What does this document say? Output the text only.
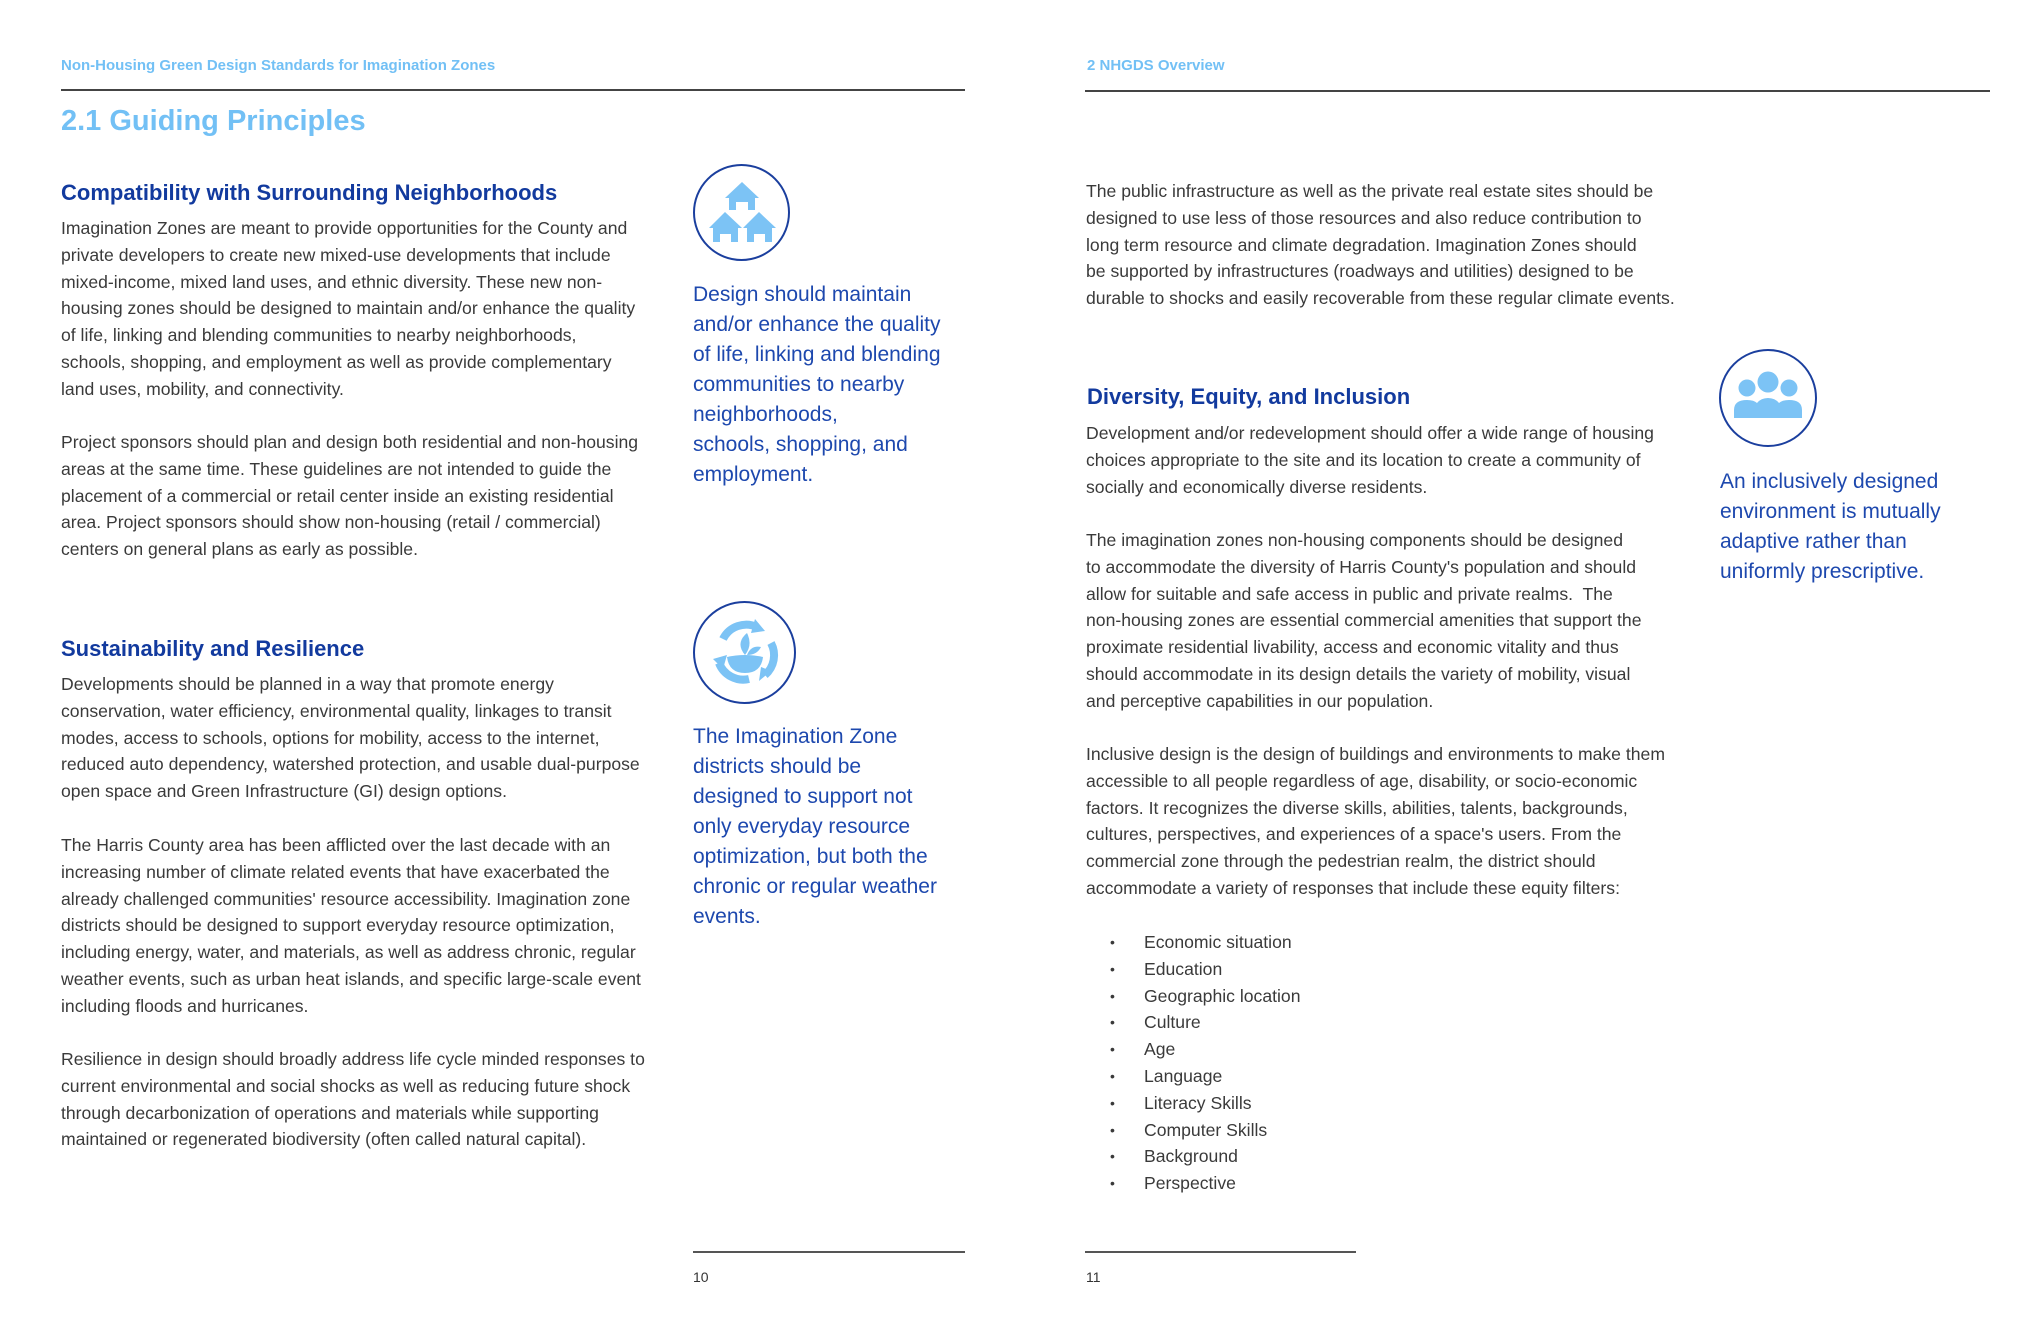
Non-Housing Green Design Standards for Imagination Zones
2.1 Guiding Principles
Compatibility with Surrounding Neighborhoods
Imagination Zones are meant to provide opportunities for the County and
private developers to create new mixed-use developments that include
mixed-income, mixed land uses, and ethnic diversity. These new non-
housing zones should be designed to maintain and/or enhance the quality
of life, linking and blending communities to nearby neighborhoods,
schools, shopping, and employment as well as provide complementary
land uses, mobility, and connectivity.
Project sponsors should plan and design both residential and non-housing
areas at the same time. These guidelines are not intended to guide the
placement of a commercial or retail center inside an existing residential
area. Project sponsors should show non-housing (retail / commercial)
centers on general plans as early as possible.
Design should maintain
and/or enhance the quality
of life, linking and blending
communities to nearby
neighborhoods,
schools, shopping, and
employment.
Sustainability and Resilience
Developments should be planned in a way that promote energy
conservation, water efficiency, environmental quality, linkages to transit
modes, access to schools, options for mobility, access to the internet,
reduced auto dependency, watershed protection, and usable dual-purpose
open space and Green Infrastructure (GI) design options.
The Harris County area has been afflicted over the last decade with an
increasing number of climate related events that have exacerbated the
already challenged communities' resource accessibility. Imagination zone
districts should be designed to support everyday resource optimization,
including energy, water, and materials, as well as address chronic, regular
weather events, such as urban heat islands, and specific large-scale event
including floods and hurricanes.
Resilience in design should broadly address life cycle minded responses to
current environmental and social shocks as well as reducing future shock
through decarbonization of operations and materials while supporting
maintained or regenerated biodiversity (often called natural capital).
The Imagination Zone
districts should be
designed to support not
only everyday resource
optimization, but both the
chronic or regular weather
events.
10
2 NHGDS Overview
The public infrastructure as well as the private real estate sites should be
designed to use less of those resources and also reduce contribution to
long term resource and climate degradation. Imagination Zones should
be supported by infrastructures (roadways and utilities) designed to be
durable to shocks and easily recoverable from these regular climate events.
Diversity, Equity, and Inclusion
Development and/or redevelopment should offer a wide range of housing
choices appropriate to the site and its location to create a community of
socially and economically diverse residents.
The imagination zones non-housing components should be designed
to accommodate the diversity of Harris County's population and should
allow for suitable and safe access in public and private realms.  The
non-housing zones are essential commercial amenities that support the
proximate residential livability, access and economic vitality and thus
should accommodate in its design details the variety of mobility, visual
and perceptive capabilities in our population.
Inclusive design is the design of buildings and environments to make them
accessible to all people regardless of age, disability, or socio-economic
factors. It recognizes the diverse skills, abilities, talents, backgrounds,
cultures, perspectives, and experiences of a space's users. From the
commercial zone through the pedestrian realm, the district should
accommodate a variety of responses that include these equity filters:
• Economic situation
• Education
• Geographic location
• Culture
• Age
• Language
• Literacy Skills
• Computer Skills
• Background
• Perspective
An inclusively designed
environment is mutually
adaptive rather than
uniformly prescriptive.
11
